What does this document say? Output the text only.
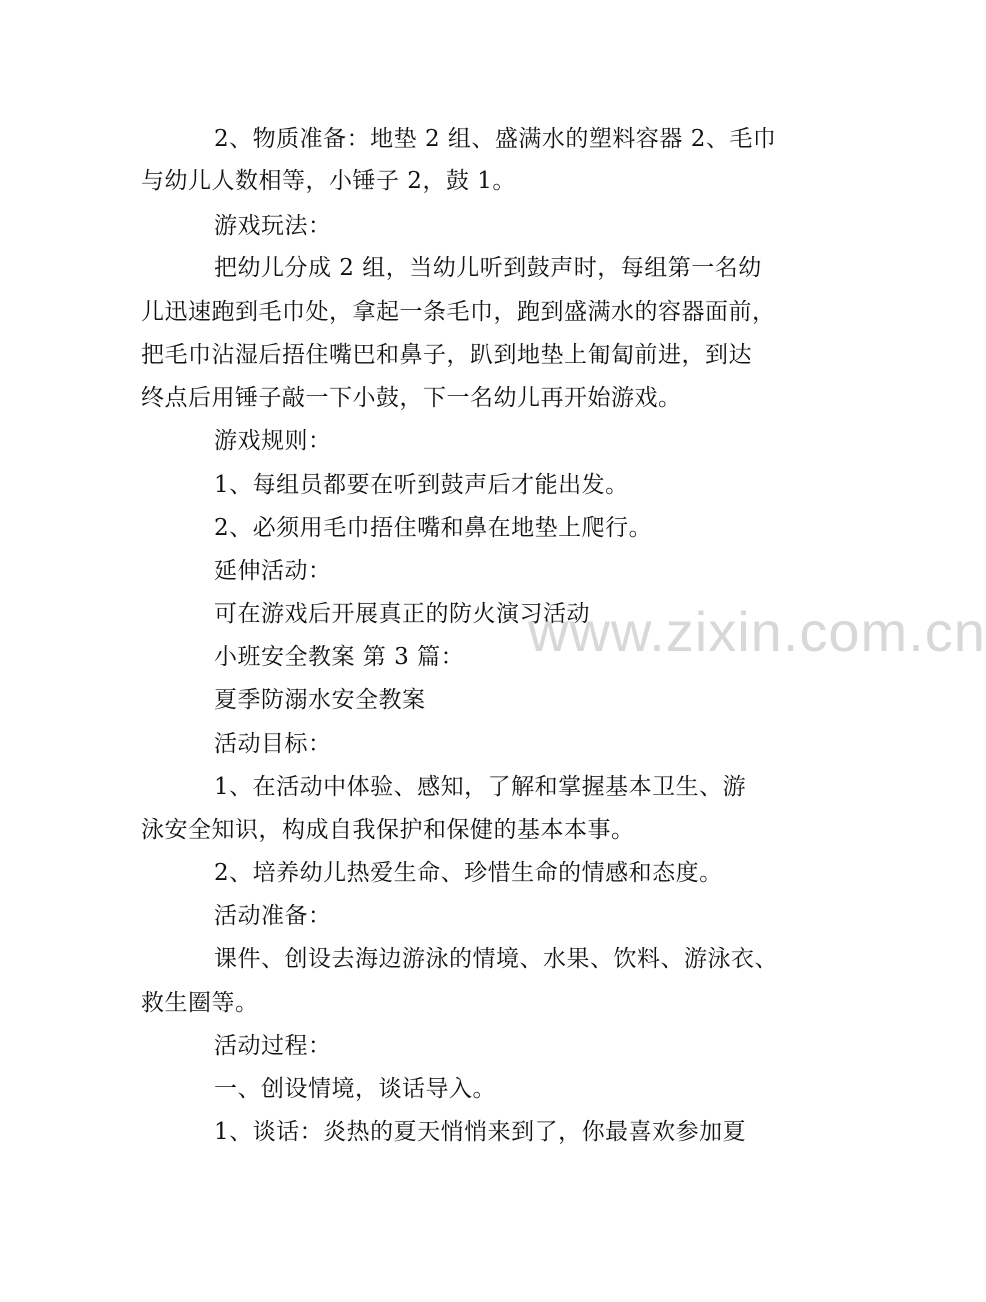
2、物质准备：地垫 2 组、盛满水的塑料容器 2、毛巾
与幼儿人数相等，小锤子 2，鼓 1。
游戏玩法：
把幼儿分成 2 组，当幼儿听到鼓声时，每组第一名幼
儿迅速跑到毛巾处，拿起一条毛巾，跑到盛满水的容器面前，
把毛巾沾湿后捂住嘴巴和鼻子，趴到地垫上匍匐前进，到达
终点后用锤子敲一下小鼓，下一名幼儿再开始游戏。
游戏规则：
1、每组员都要在听到鼓声后才能出发。
2、必须用毛巾捂住嘴和鼻在地垫上爬行。
延伸活动：
可在游戏后开展真正的防火演习活动
小班安全教案 第 3 篇：
夏季防溺水安全教案
活动目标：
1、在活动中体验、感知，了解和掌握基本卫生、游
泳安全知识，构成自我保护和保健的基本本事。
2、培养幼儿热爱生命、珍惜生命的情感和态度。
活动准备：
课件、创设去海边游泳的情境、水果、饮料、游泳衣、
救生圈等。
活动过程：
一、创设情境，谈话导入。
1、谈话：炎热的夏天悄悄来到了，你最喜欢参加夏
www.zixin.com.cn
